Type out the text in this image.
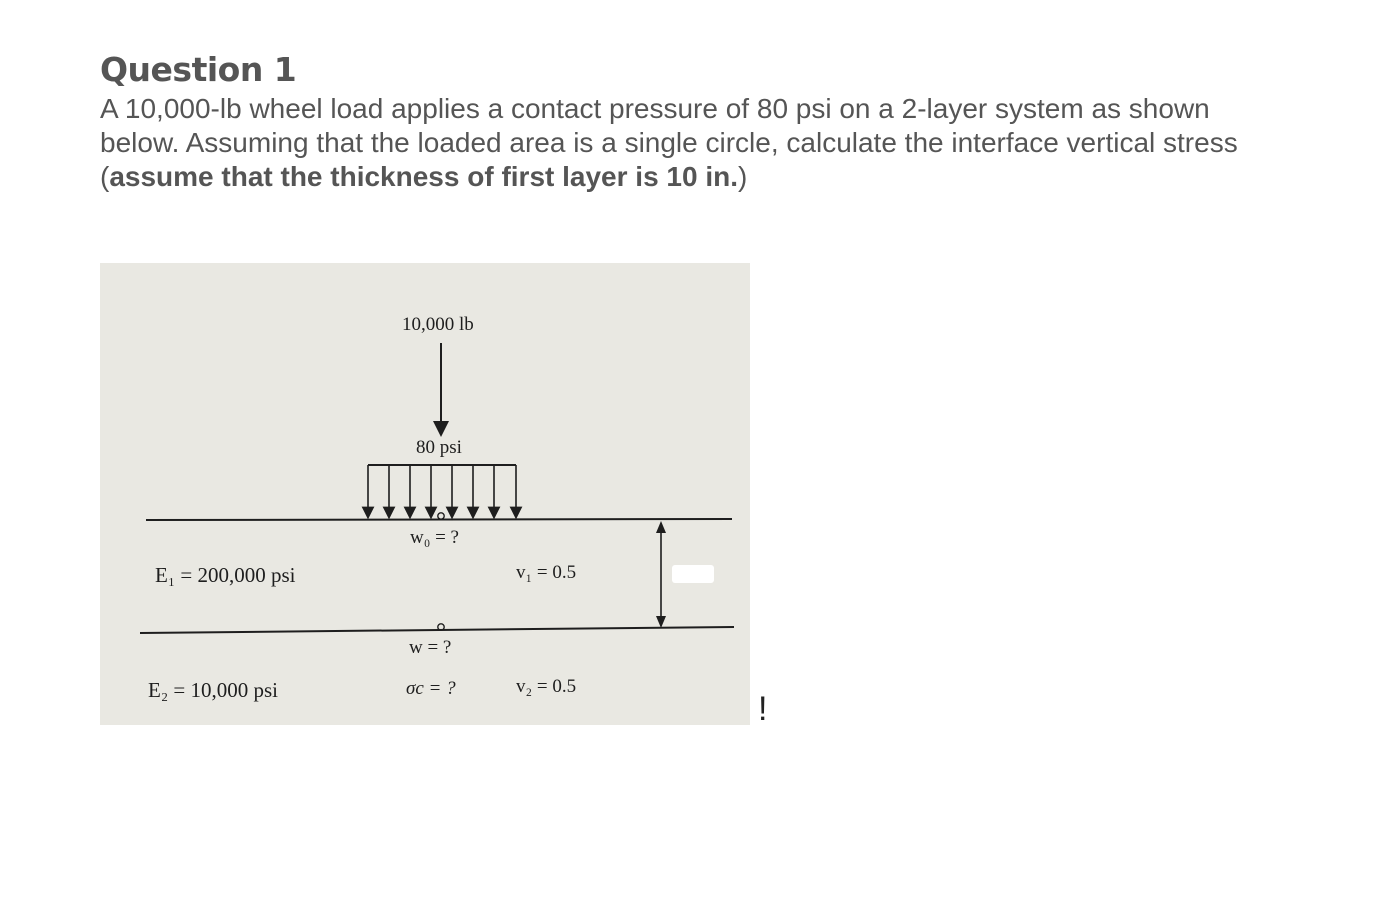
Question 1

A 10,000-lb wheel load applies a contact pressure of 80 psi on a 2-layer system as shown
below. Assuming that the loaded area is a single circle, calculate the interface vertical stress
(assume that the thickness of first layer is 10 in.)

10,000 lb
80 psi
w₀ = ?
E₁ = 200,000 psi	v₁ = 0.5
w = ?
E₂ = 10,000 psi	σc = ?	v₂ = 0.5
!
